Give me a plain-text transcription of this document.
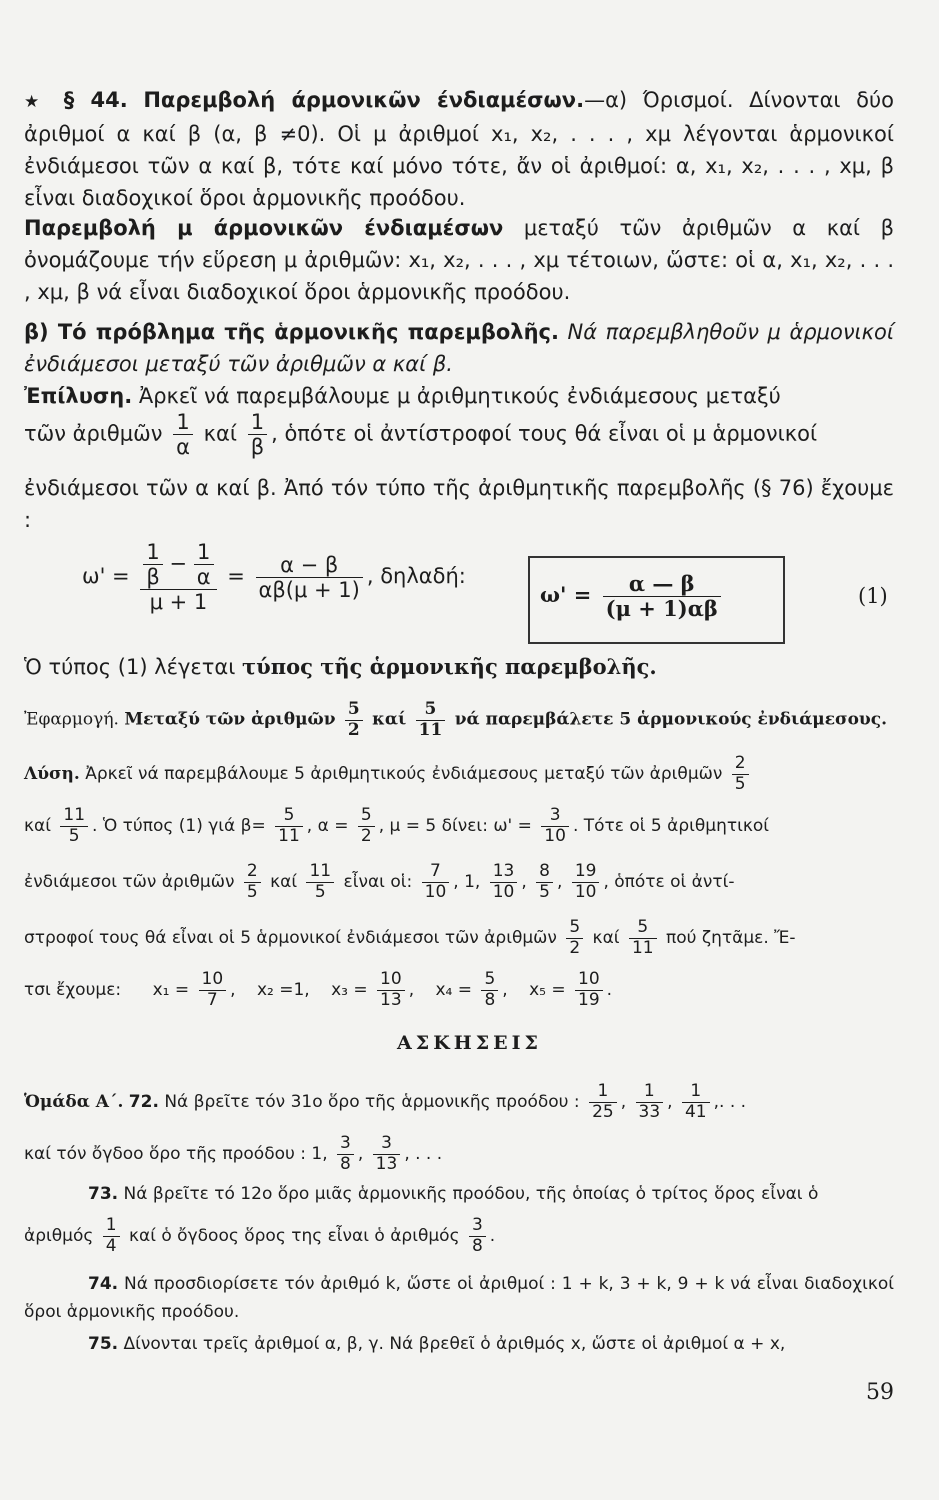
★ § 44. Παρεμβολή άρμονικῶν ένδιαμέσων.—α) Όρισμοί. Δίνονται δύο ἀριθμοί α καί β (α, β ≠0). Οἱ μ ἀριθμοί x₁, x₂, . . . , xμ λέγονται ἁρμονικοί ἐνδιάμεσοι τῶν α καί β, τότε καί μόνο τότε, ἄν οἱ ἀριθμοί: α, x₁, x₂, . . . , xμ, β εἶναι διαδοχικοί ὅροι ἁρμονικῆς προόδου.
Παρεμβολή μ άρμονικῶν ένδιαμέσων μεταξύ τῶν ἀριθμῶν α καί β ὀνομάζουμε τήν εὕρεση μ ἀριθμῶν: x₁, x₂, . . . , xμ τέτοιων, ὥστε: οἱ α, x₁, x₂, . . . , xμ, β νά εἶναι διαδοχικοί ὅροι ἁρμονικῆς προόδου.
β) Τό πρόβλημα τῆς ἁρμονικῆς παρεμβολῆς. Νά παρεμβληθοῦν μ ἁρμονικοί ἐνδιάμεσοι μεταξύ τῶν ἀριθμῶν α καί β.
Ἐπίλυση. Ἀρκεῖ νά παρεμβάλουμε μ ἀριθμητικούς ἐνδιάμεσους μεταξύ
τῶν ἀριθμῶν $\frac{1}{\alpha}$ καί $\frac{1}{\beta}$ , ὁπότε οἱ ἀντίστροφοί τους θά εἶναι οἱ μ ἁρμονικοί
ἐνδιάμεσοι τῶν α καί β. Ἀπό τόν τύπο τῆς ἀριθμητικῆς παρεμβολῆς (§ 76) ἔχουμε :
$\omega' = \frac{\frac{1}{\beta} - \frac{1}{\alpha}}{\mu + 1} = \frac{\alpha - \beta}{\alpha\beta(\mu + 1)}$ , δηλαδή:
$\omega' = \frac{\alpha — \beta}{(\mu + 1)\alpha\beta}$	(1)
Ὁ τύπος (1) λέγεται τύπος τῆς ἁρμονικῆς παρεμβολῆς.
Ἐφαρμογή. Μεταξύ τῶν ἀριθμῶν $\frac{5}{2}$ καί $\frac{5}{11}$ νά παρεμβάλετε 5 ἁρμονικούς ἐνδιάμεσους.
Λύση. Ἀρκεῖ νά παρεμβάλουμε 5 ἀριθμητικούς ἐνδιάμεσους μεταξύ τῶν ἀριθμῶν $\frac{2}{5}$
καί $\frac{11}{5}$ . Ὁ τύπος (1) γιά $\beta= \frac{5}{11}$ , $\alpha = \frac{5}{2}$ , μ = 5 δίνει: $\omega' = \frac{3}{10}$ . Τότε οἱ 5 ἀριθμητικοί
ἐνδιάμεσοι τῶν ἀριθμῶν $\frac{2}{5}$ καί $\frac{11}{5}$ εἶναι οἱ: $\frac{7}{10}$ , 1, $\frac{13}{10}$ , $\frac{8}{5}$ , $\frac{19}{10}$ , ὁπότε οἱ ἀντί-
στροφοί τους θά εἶναι οἱ 5 ἁρμονικοί ἐνδιάμεσοι τῶν ἀριθμῶν $\frac{5}{2}$ καί $\frac{5}{11}$ πού ζητᾶμε. Ἔ-
τσι ἔχουμε: $x_1 = \frac{10}{7}$ , x₂ =1, $x_3 = \frac{10}{13}$ , $x_4 = \frac{5}{8}$ , $x_5 = \frac{10}{19}$ .
ΑΣΚΗΣΕΙΣ
Ὁμάδα Α΄. 72. Νά βρεῖτε τόν 31ο ὅρο τῆς ἁρμονικῆς προόδου : $\frac{1}{25}$ , $\frac{1}{33}$ , $\frac{1}{41}$ ,. . .
καί τόν ὄγδοο ὅρο τῆς προόδου : 1, $\frac{3}{8}$ , $\frac{3}{13}$ , . . .
73. Νά βρεῖτε τό 12ο ὅρο μιᾶς ἁρμονικῆς προόδου, τῆς ὁποίας ὁ τρίτος ὅρος εἶναι ὁ
ἀριθμός $\frac{1}{4}$ καί ὁ ὄγδοος ὅρος της εἶναι ὁ ἀριθμός $\frac{3}{8}$ .
74. Νά προσδιορίσετε τόν ἀριθμό k, ὥστε οἱ ἀριθμοί : 1 + k, 3 + k, 9 + k νά εἶναι διαδοχικοί ὅροι ἁρμονικῆς προόδου.
75. Δίνονται τρεῖς ἀριθμοί α, β, γ. Νά βρεθεῖ ὁ ἀριθμός x, ὥστε οἱ ἀριθμοί α + x,
59
